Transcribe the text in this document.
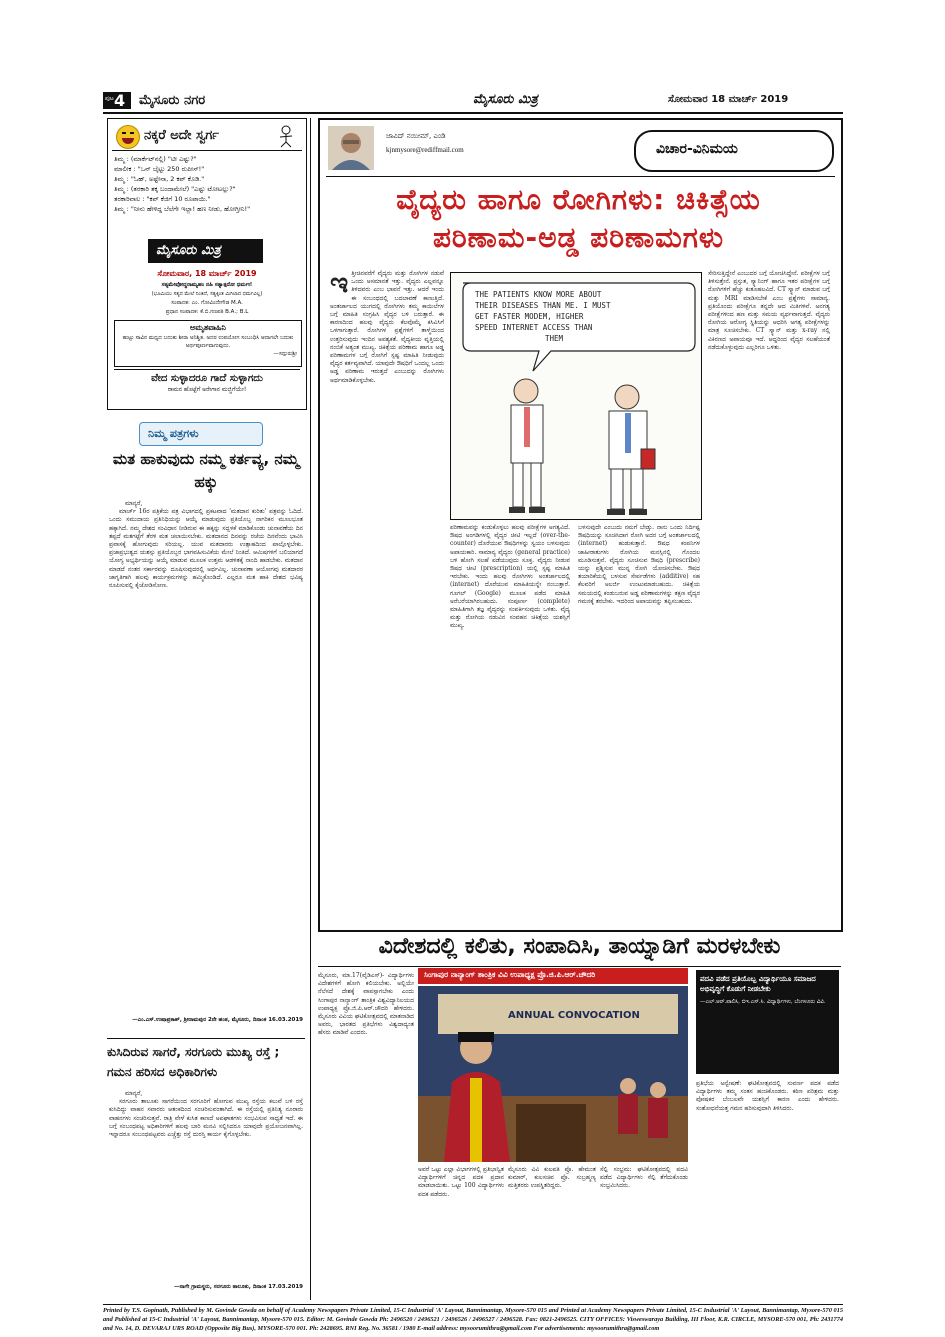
ಪುಟ 4 ಮೈಸೂರು ನಗರ	ಮೈಸೂರು ಮಿತ್ರ	ಸೋಮವಾರ 18 ಮಾರ್ಚ್ 2019
ನಕ್ಕರೆ ಅದೇ ಸ್ವರ್ಗ
ತಿಮ್ಮ : (ಮಾರ್ಕೆಟ್‌ನಲ್ಲಿ) "ಟೀ ಎಷ್ಟು?"
ಮಾಲೀಕ : "ಒನ್ ಬೈಟ್ಟು 250 ರುಪೀಸ್!"
ತಿಮ್ಮ : "ಓಹ್, ಅಷ್ಟೇನಾ, 2 ಕಪ್ ಕೊಡಿ."
ತಿಮ್ಮ : (ತರಕಾರಿ ತಕ್ಕ ಬಂದಾಮೇಲೆ) "ಎಷ್ಟು ಟೋಟಲ್ಲು?"
ತರಕಾರಿವಾಲ : "ಕಪ್ ಕೆಜಿಗೆ 10 ರೂಪಾಯಿ."
ತಿಮ್ಮ : "ನೀನು ಹೇಳಿದ್ದ ಬೆಲೆಗೇ ಇಲ್ಲಾ! ಹಣ ನೀಡು, ಹೋಗ್ತೀನಿ!"
ಮೈಸೂರು ಮಿತ್ರ
ಸೋಮವಾರ, 18 ಮಾರ್ಚ್ 2019
ಸತ್ಯಮೇವೋದ್ಧರಾಮ್ಯಹಂ ನಹಿ ಸತ್ಯಾತ್ಪರೋ ಧರ್ಮಃ!
(ಭೂಮಿಯು ಸತ್ಯದ ಮೇಲೆ ನಿಂತಿದೆ, ಸತ್ಯಕ್ಕಿಂತ ಮಿಗಿಲಾದ ಧರ್ಮವಿಲ್ಲ)
ಸಂಪಾದಕ: ಎಂ. ಗೋವಿಂದೇಗೌಡ M.A.
ಪ್ರಧಾನ ಸಂಪಾದಕ: ಕೆ.ಬಿ.ಗಣಪತಿ B.A.; B.L
ಅಮೃತವಾಹಿನಿ
ಹುಟ್ಟು ಸಾವಿನ ಮಧ್ಯದ ಬದುಕು ಶೀರಾ ಅನಿಶ್ಚಿತ. ಅದರ ಉಪಯೋಗ ಸಂಬಂಧಿಸಿ ಆದಾಗಲೇ ಬದುಕು ಅರ್ಥಪೂರ್ಣವಾಗುವುದು.
—ಸದ್ಗುರುಶ್ರೀ
ವೇದ ಸುಳ್ಳಾದರೂ ಗಾದೆ ಸುಳ್ಳಾಗದು
ರಾಮನ ಹೊಟ್ಟೆಗೆ ಅರೇಗಾನ ಮಜ್ಜಿಗೆಯೇ!
ನಿಮ್ಮ ಪತ್ರಗಳು
ಮತ ಹಾಕುವುದು ನಮ್ಮ ಕರ್ತವ್ಯ, ನಮ್ಮ ಹಕ್ಕು
ಮಾನ್ಯರೆ,
ಮಾರ್ಚ್ 16ರ ಪತ್ರಿಕೆಯ ಪತ್ರ ವಿಭಾಗದಲ್ಲಿ ಪ್ರಕಟವಾದ 'ಮತದಾನ ಕುರಿತು' ಪತ್ರವನ್ನು ಓದಿದೆ. ಒಂದು ಸಮುದಾಯ ಪ್ರತಿನಿಧಿಯನ್ನು ಆಯ್ಕೆ ಮಾಡುವುದು ಪ್ರತಿಯೊಬ್ಬ ನಾಗರಿಕನ ಮೂಲಭೂತ ಹಕ್ಕಾಗಿದೆ. ನಮ್ಮ ದೇಶದ ಸಂವಿಧಾನ ನೀಡಿರುವ ಈ ಹಕ್ಕನ್ನು ಸದ್ಬಳಕೆ ಮಾಡಿಕೊಂಡು ಚುನಾವಣೆಯ ದಿನ ತಪ್ಪದೆ ಮತಗಟ್ಟೆಗೆ ತೆರಳಿ ಮತ ಚಲಾಯಿಸಬೇಕು. ಮತದಾನದ ದಿನವನ್ನು ರಜೆಯ ದಿನವೆಂದು ಭಾವಿಸಿ ಪ್ರವಾಸಕ್ಕೆ ಹೋಗುವುದು ಸರಿಯಲ್ಲ. ಯುವ ಮತದಾರರು ಉತ್ಸಾಹದಿಂದ ಪಾಲ್ಗೊಳ್ಳಬೇಕು. ಪ್ರಜಾಪ್ರಭುತ್ವದ ಯಶಸ್ಸು ಪ್ರತಿಯೊಬ್ಬರ ಭಾಗವಹಿಸುವಿಕೆಯ ಮೇಲೆ ನಿಂತಿದೆ. ಆಮಿಷಗಳಿಗೆ ಬಲಿಯಾಗದೆ ಯೋಗ್ಯ ಅಭ್ಯರ್ಥಿಯನ್ನು ಆಯ್ಕೆ ಮಾಡುವ ಮೂಲಕ ಉತ್ತಮ ಆಡಳಿತಕ್ಕೆ ನಾಂದಿ ಹಾಡಬೇಕು. ಮತದಾನ ಮಾಡದೆ ನಂತರ ಸರ್ಕಾರವನ್ನು ದೂಷಿಸುವುದರಲ್ಲಿ ಅರ್ಥವಿಲ್ಲ. ಚುನಾವಣಾ ಆಯೋಗವು ಮತದಾರರ ಜಾಗೃತಿಗಾಗಿ ಹಲವು ಕಾರ್ಯಕ್ರಮಗಳನ್ನು ಹಮ್ಮಿಕೊಂಡಿದೆ. ಎಲ್ಲರೂ ಮತ ಹಾಕಿ ದೇಶದ ಭವಿಷ್ಯ ರೂಪಿಸುವಲ್ಲಿ ಕೈಜೋಡಿಸೋಣ.
—ಎಂ.ಎಸ್.ಉಷಾಪ್ರಕಾಶ್, ಶ್ರೀರಾಮಪುರ 2ನೇ ಹಂತ, ಮೈಸೂರು, ದಿನಾಂಕ 16.03.2019
ಕುಸಿದಿರುವ ಸಾಗರೆ, ಸರಗೂರು ಮುಖ್ಯ ರಸ್ತೆ ; ಗಮನ ಹರಿಸದ ಅಧಿಕಾರಿಗಳು
ಮಾನ್ಯರೆ,
ಸರಗೂರು ತಾಲೂಕು ಸಾಗರೆಯಿಂದ ಸರಗೂರಿಗೆ ಹೋಗುವ ಮುಖ್ಯ ರಸ್ತೆಯ ಕಲುವೆ ಬಳಿ ರಸ್ತೆ ಕುಸಿದಿದ್ದು ವಾಹನ ಸವಾರರು ಆತಂಕದಿಂದ ಸಂಚರಿಸುವಂತಾಗಿದೆ. ಈ ರಸ್ತೆಯಲ್ಲಿ ಪ್ರತಿನಿತ್ಯ ನೂರಾರು ವಾಹನಗಳು ಸಂಚರಿಸುತ್ತವೆ. ರಾತ್ರಿ ವೇಳೆ ಕುಸಿತ ಕಾಣದೆ ಅಪಘಾತಗಳು ಸಂಭವಿಸುವ ಸಾಧ್ಯತೆ ಇದೆ. ಈ ಬಗ್ಗೆ ಸಂಬಂಧಪಟ್ಟ ಅಧಿಕಾರಿಗಳಿಗೆ ಹಲವು ಬಾರಿ ಮನವಿ ಸಲ್ಲಿಸಿದರೂ ಯಾವುದೇ ಪ್ರಯೋಜನವಾಗಿಲ್ಲ. ಇನ್ನಾದರೂ ಸಂಬಂಧಪಟ್ಟವರು ಎಚ್ಚೆತ್ತು ರಸ್ತೆ ದುರಸ್ತಿ ಕಾರ್ಯ ಕೈಗೊಳ್ಳಬೇಕು.
—ನಾಗೇ ಗ್ರಾಮಸ್ಥರು, ಸರಗೂರು ತಾಲೂಕು, ದಿನಾಂಕ 17.03.2019
ಜಾವಿದ್ ನಯೀಮ್, ಎಂಡಿ
kjnmysore@rediffmail.com	ವಿಚಾರ-ವಿನಿಮಯ
ವೈದ್ಯರು ಹಾಗೂ ರೋಗಿಗಳು: ಚಿಕಿತ್ಸೆಯ
ಪರಿಣಾಮ-ಅಡ್ಡ ಪರಿಣಾಮಗಳು
ಇ ತ್ತೀಚಿನವರೆಗೆ ವೈದ್ಯರು ಮತ್ತು ರೋಗಿಗಳ ನಡುವೆ ಒಂದು ಅಸಮಾನತೆ ಇತ್ತು. ವೈದ್ಯರು ಎಲ್ಲವನ್ನೂ ತಿಳಿದವರು ಎಂಬ ಭಾವನೆ ಇತ್ತು. ಆದರೆ ಇಂದು ಈ ಸಂಬಂಧದಲ್ಲಿ ಬದಲಾವಣೆ ಕಾಣುತ್ತಿದೆ. ಅಂತರ್ಜಾಲದ ಯುಗದಲ್ಲಿ ರೋಗಿಗಳು ತಮ್ಮ ಕಾಯಿಲೆಗಳ ಬಗ್ಗೆ ಮಾಹಿತಿ ಸಂಗ್ರಹಿಸಿ ವೈದ್ಯರ ಬಳಿ ಬರುತ್ತಾರೆ. ಈ ಕಾರಣದಿಂದ ಹಲವು ವೈದ್ಯರು ಕೆಲವೊಮ್ಮೆ ಕಸಿವಿಸಿಗೆ ಒಳಗಾಗುತ್ತಾರೆ. ರೋಗಿಗಳ ಪ್ರಶ್ನೆಗಳಿಗೆ ತಾಳ್ಮೆಯಿಂದ ಉತ್ತರಿಸುವುದು ಇಂದಿನ ಅವಶ್ಯಕತೆ. ವೈದ್ಯಕೀಯ ವೃತ್ತಿಯಲ್ಲಿ ನಂಬಿಕೆ ಅತ್ಯಂತ ಮುಖ್ಯ. ಚಿಕಿತ್ಸೆಯ ಪರಿಣಾಮ ಹಾಗೂ ಅಡ್ಡ ಪರಿಣಾಮಗಳ ಬಗ್ಗೆ ರೋಗಿಗೆ ಸ್ಪಷ್ಟ ಮಾಹಿತಿ ನೀಡುವುದು ವೈದ್ಯರ ಕರ್ತವ್ಯವಾಗಿದೆ. ಯಾವುದೇ ಔಷಧಿಗೆ ಒಂದಲ್ಲ ಒಂದು ಅಡ್ಡ ಪರಿಣಾಮ ಇರುತ್ತದೆ ಎಂಬುದನ್ನು ರೋಗಿಗಳು ಅರ್ಥಮಾಡಿಕೊಳ್ಳಬೇಕು.
THE PATIENTS KNOW MORE ABOUT
THEIR DISEASES THAN ME. I MUST
GET FASTER MODEM, HIGHER
SPEED INTERNET ACCESS THAN
THEM
ಪರಿಣಾಮವನ್ನು ಕಂಡುಕೊಳ್ಳಲು ಹಲವು ಪರೀಕ್ಷೆಗಳ ಅಗತ್ಯವಿದೆ. ಔಷಧ ಅಂಗಡಿಗಳಲ್ಲಿ ವೈದ್ಯರ ಚೀಟಿ ಇಲ್ಲದೆ (over-the-counter) ದೊರೆಯುವ ಔಷಧಿಗಳನ್ನು ಸ್ವಯಂ ಬಳಸುವುದು ಅಪಾಯಕಾರಿ. ಸಾಮಾನ್ಯ ವೈದ್ಯರು (general practice) ಬಳಿ ಹೋಗಿ ಸಲಹೆ ಪಡೆಯುವುದು ಸೂಕ್ತ. ವೈದ್ಯರು ನೀಡುವ ಔಷಧ ಚೀಟಿ (prescription) ಯಲ್ಲಿ ಸ್ಪಷ್ಟ ಮಾಹಿತಿ ಇರಬೇಕು. ಇಂದು ಹಲವು ರೋಗಿಗಳು ಅಂತರ್ಜಾಲದಲ್ಲಿ (internet) ದೊರೆಯುವ ಮಾಹಿತಿಯನ್ನೇ ನಂಬುತ್ತಾರೆ. ಗೂಗಲ್ (Google) ಮೂಲಕ ಪಡೆದ ಮಾಹಿತಿ ಅರೆಬರೆಯಾಗಿರಬಹುದು. ಸಂಪೂರ್ಣ (complete) ಮಾಹಿತಿಗಾಗಿ ತಜ್ಞ ವೈದ್ಯರನ್ನು ಸಂಪರ್ಕಿಸುವುದು ಒಳಿತು. ವೈದ್ಯ ಮತ್ತು ರೋಗಿಯ ನಡುವಿನ ಸಂವಹನ ಚಿಕಿತ್ಸೆಯ ಯಶಸ್ಸಿಗೆ ಮುಖ್ಯ.
ಬಳಸುವುದೇ ಎಂಬುದು ನಮಗೆ ಬೇಡ್ತು. ನಾನು ಒಂದು ನಿರ್ದಿಷ್ಟ ಔಷಧಿಯನ್ನು ಸೂಚಿಸಿದಾಗ ರೋಗಿ ಅದರ ಬಗ್ಗೆ ಅಂತರ್ಜಾಲದಲ್ಲಿ (internet) ಹುಡುಕುತ್ತಾನೆ. ಔಷಧ ಕಂಪನಿಗಳ ಜಾಹೀರಾತುಗಳು ರೋಗಿಯ ಮನಸ್ಸಿನಲ್ಲಿ ಗೊಂದಲ ಮೂಡಿಸುತ್ತವೆ. ವೈದ್ಯರು ಸೂಚಿಸುವ ಔಷಧಿ (prescribe) ಯನ್ನು ಪ್ರಶ್ನಿಸುವ ಮುನ್ನ ರೋಗಿ ಯೋಚಿಸಬೇಕು. ಔಷಧ ತಯಾರಿಕೆಯಲ್ಲಿ ಬಳಸುವ ಸೇರ್ಪಡೆಗಳು (additive) ಸಹ ಕೆಲವರಿಗೆ ಅಲರ್ಜಿ ಉಂಟುಮಾಡಬಹುದು. ಚಿಕಿತ್ಸೆಯ ಸಮಯದಲ್ಲಿ ಕಂಡುಬರುವ ಅಡ್ಡ ಪರಿಣಾಮಗಳನ್ನು ತಕ್ಷಣ ವೈದ್ಯರ ಗಮನಕ್ಕೆ ತರಬೇಕು. ಇದರಿಂದ ಅಪಾಯವನ್ನು ತಪ್ಪಿಸಬಹುದು.
ಸೇರಿಸುತ್ತಿದ್ದೇನೆ ಎಂಬುದರ ಬಗ್ಗೆ ಯೋಚಿಸಿದ್ದೇನೆ. ಪರೀಕ್ಷೆಗಳ ಬಗ್ಗೆ ತಿಳಿಸುತ್ತೇನೆ. ಪ್ರಸ್ತುತ, ಸ್ಕ್ಯಾನಿಂಗ್ ಹಾಗೂ ಇತರ ಪರೀಕ್ಷೆಗಳ ಬಗ್ಗೆ ರೋಗಿಗಳಿಗೆ ಹೆಚ್ಚು ಕುತೂಹಲವಿದೆ. CT ಸ್ಕ್ಯಾನ್ ಮಾಡುವ ಬಗ್ಗೆ ಮತ್ತು MRI ಮಾಡಿಸಬೇಕೆ ಎಂಬ ಪ್ರಶ್ನೆಗಳು ಸಾಮಾನ್ಯ. ಪ್ರತಿಯೊಂದು ಪರೀಕ್ಷೆಗೂ ತನ್ನದೇ ಆದ ಮಿತಿಗಳಿವೆ. ಅನಗತ್ಯ ಪರೀಕ್ಷೆಗಳಿಂದ ಹಣ ಮತ್ತು ಸಮಯ ವ್ಯರ್ಥವಾಗುತ್ತದೆ. ವೈದ್ಯರು ರೋಗಿಯ ಆರೋಗ್ಯ ಸ್ಥಿತಿಯನ್ನು ಆಧರಿಸಿ ಅಗತ್ಯ ಪರೀಕ್ಷೆಗಳನ್ನು ಮಾತ್ರ ಸೂಚಿಸಬೇಕು. CT ಸ್ಕ್ಯಾನ್ ಮತ್ತು x-ray ನಲ್ಲಿ ವಿಕಿರಣದ ಅಪಾಯವೂ ಇದೆ. ಆದ್ದರಿಂದ ವೈದ್ಯರ ಸಲಹೆಯಂತೆ ನಡೆದುಕೊಳ್ಳುವುದು ಎಲ್ಲರಿಗೂ ಒಳಿತು.
ವಿದೇಶದಲ್ಲಿ ಕಲಿತು, ಸಂಪಾದಿಸಿ, ತಾಯ್ನಾಡಿಗೆ ಮರಳಬೇಕು
ಮೈಸೂರು, ಮಾ.17(ವೈಡಿಎಸ್)- ವಿದ್ಯಾರ್ಥಿಗಳು ವಿದೇಶಗಳಿಗೆ ಹೋಗಿ ಕಲಿಯಬೇಕು. ಅಲ್ಲಿಯೇ ನೆಲೆಸದೆ ದೇಶಕ್ಕೆ ವಾಪಸ್ಸಾಗಬೇಕು ಎಂದು ಸಿಂಗಾಪುರ ನಾನ್ಯಾಂಗ್ ತಾಂತ್ರಿಕ ವಿಶ್ವವಿದ್ಯಾನಿಲಯದ ಉಪಾಧ್ಯಕ್ಷ ಪ್ರೊ.ಜಿ.ಪಿ.ಆರ್.ಚೌದರಿ ಹೇಳಿದರು. ಮೈಸೂರು ವಿವಿಯ ಘಟಿಕೋತ್ಸವದಲ್ಲಿ ಮಾತನಾಡಿದ ಅವರು, ಭಾರತದ ಪ್ರತಿಭೆಗಳು ವಿಶ್ವದಾದ್ಯಂತ ಹೆಸರು ಮಾಡಿವೆ ಎಂದರು.
ಸಿಂಗಾಪುರ ನಾನ್ಯಾಂಗ್ ತಾಂತ್ರಿಕ ವಿವಿ ಉಪಾಧ್ಯಕ್ಷ ಪ್ರೊ.ಜಿ.ಪಿ.ಆರ್.ಚೌದರಿ
ANNUAL CONVOCATION
ಅವರೆ ಒಟ್ಟು ಎಲ್ಲಾ ವಿಭಾಗಗಳಲ್ಲಿ ಪ್ರತಿಭಾನ್ವಿತ ವಿದ್ಯಾರ್ಥಿಗಳಿಗೆ ಚಿನ್ನದ ಪದಕ ಪ್ರದಾನ ಮಾಡಲಾಯಿತು. ಒಟ್ಟು 100 ವಿದ್ಯಾರ್ಥಿಗಳು ಪದಕ ಪಡೆದರು.
ಮೈಸೂರು ವಿವಿ ಕುಲಪತಿ ಪ್ರೊ. ಹೇಮಂತ ಕುಮಾರ್, ಕುಲಸಚಿವ ಪ್ರೊ. ಸುಬ್ರಹ್ಮಣ್ಯ ಮತ್ತಿತರರು ಉಪಸ್ಥಿತರಿದ್ದರು.
ಸೆಲ್ಫಿ ಸಂಭ್ರಮ: ಘಟಿಕೋತ್ಸವದಲ್ಲಿ ಪದವಿ ಪಡೆದ ವಿದ್ಯಾರ್ಥಿಗಳು ಸೆಲ್ಫಿ ತೆಗೆದುಕೊಂಡು ಸಂಭ್ರಮಿಸಿದರು.
ಪದವಿ ಪಡೆದ ಪ್ರತಿಯೊಬ್ಬ ವಿದ್ಯಾರ್ಥಿಯೂ ಸಮಾಜದ ಅಭಿವೃದ್ಧಿಗೆ ಕೊಡುಗೆ ನೀಡಬೇಕು
—ಎಲ್.ಆರ್.ಪಾಲಿಸಿ, ಬಿಇ.ಎಸ್.ಸಿ. ವಿದ್ಯಾರ್ಥಿಗಳು, ಬೆಂಗಳೂರು ವಿವಿ.
ಪ್ರತಿಭೆಯ ಅನ್ವೇಷಣೆ: ಘಟಿಕೋತ್ಸವದಲ್ಲಿ ಸುವರ್ಣ ಪದಕ ಪಡೆದ ವಿದ್ಯಾರ್ಥಿಗಳು ತಮ್ಮ ಸಂತಸ ಹಂಚಿಕೊಂಡರು. ಕಠಿಣ ಪರಿಶ್ರಮ ಮತ್ತು ಪೋಷಕರ ಬೆಂಬಲವೇ ಯಶಸ್ಸಿಗೆ ಕಾರಣ ಎಂದು ಹೇಳಿದರು. ಸಂಶೋಧನೆಯತ್ತ ಗಮನ ಹರಿಸುವುದಾಗಿ ತಿಳಿಸಿದರು.
Printed by T.S. Gopinath, Published by M. Govinde Gowda on behalf of Academy Newspapers Private Limited, 15-C Industrial 'A' Layout, Bannimantap, Mysore-570 015 and Printed at Academy Newspapers Private Limited, 15-C Industrial 'A' Layout, Bannimantap, Mysore-570 015 and Published at 15-C Industrial 'A' Layout, Bannimantap, Mysore-570 015. Editor: M. Govinde Gowda Ph: 2496520 / 2496521 / 2496526 / 2496527 / 2496528. Fax: 0821-2496525. CITY OFFICES: Visweswaraya Building, III Floor, K.R. CIRCLE, MYSORE-570 001, Ph: 2431774 and No. 14, D. DEVARAJ URS ROAD (Opposite Big Bus), MYSORE-570 001. Ph: 2428695. RNI Reg. No. 36581 / 1980 E-mail address: mysoorumithra@gmail.com For advertisements: mysoorumithra@gmail.com
